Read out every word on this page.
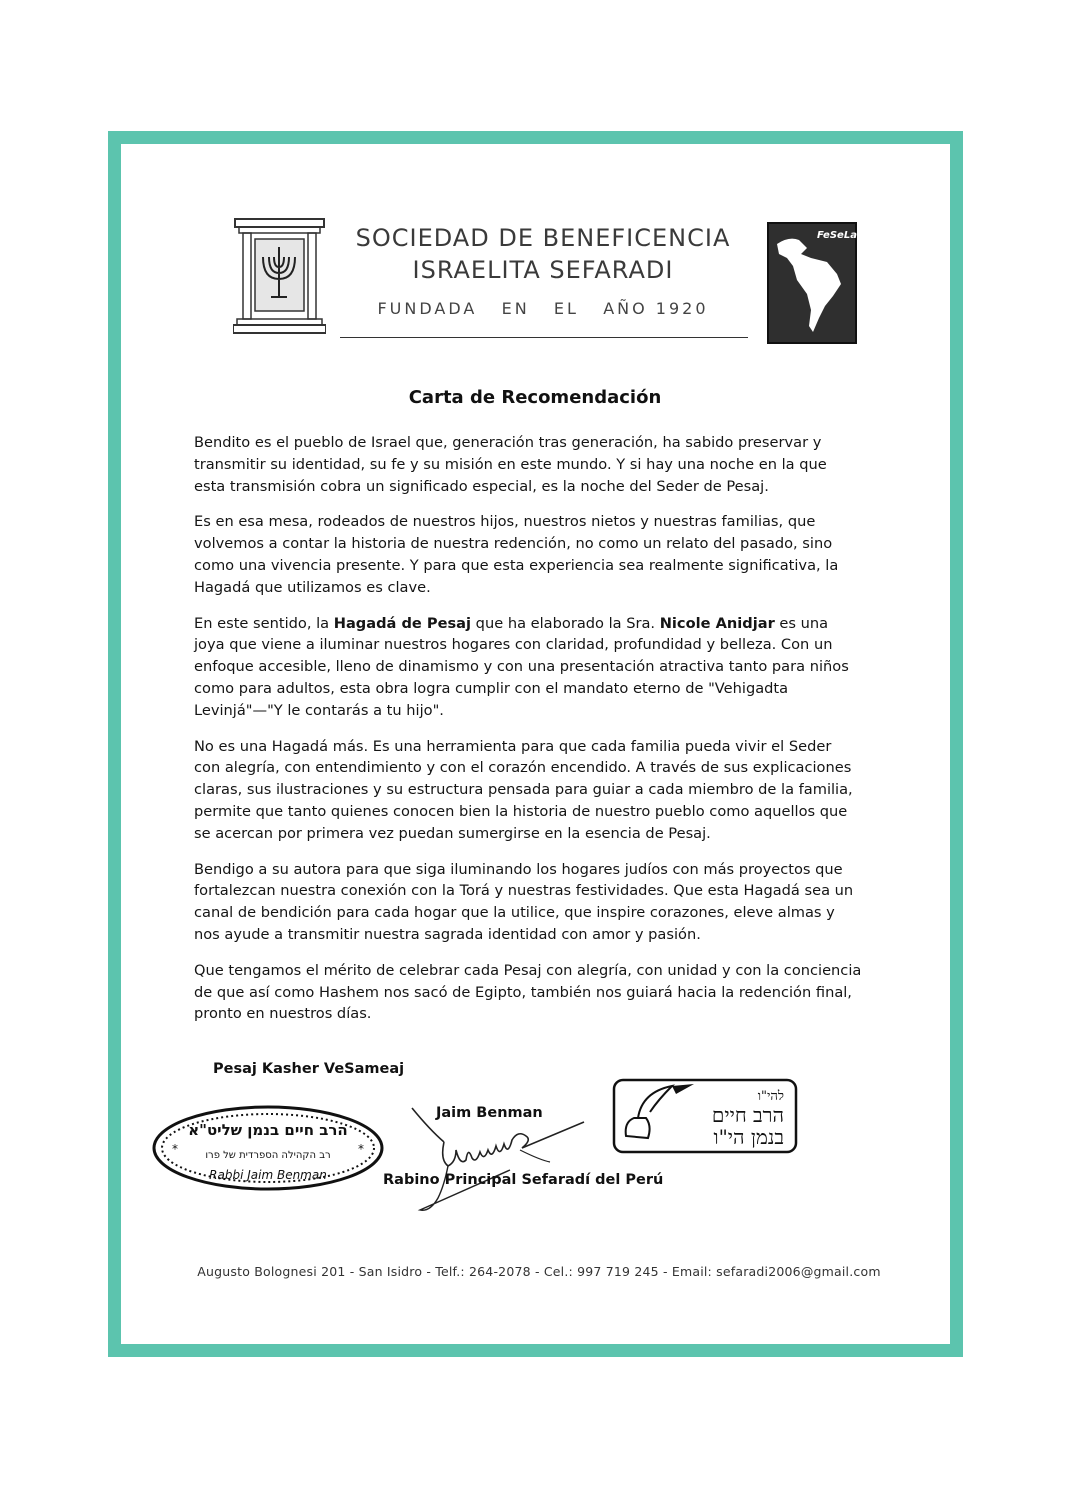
SOCIEDAD DE BENEFICENCIA
ISRAELITA SEFARADI
FUNDADA   EN   EL   AÑO 1920
FeSeLa
Carta de Recomendación

Bendito es el pueblo de Israel que, generación tras generación, ha sabido preservar y transmitir su identidad, su fe y su misión en este mundo. Y si hay una noche en la que esta transmisión cobra un significado especial, es la noche del Seder de Pesaj.

Es en esa mesa, rodeados de nuestros hijos, nuestros nietos y nuestras familias, que volvemos a contar la historia de nuestra redención, no como un relato del pasado, sino como una vivencia presente. Y para que esta experiencia sea realmente significativa, la Hagadá que utilizamos es clave.

En este sentido, la Hagadá de Pesaj que ha elaborado la Sra. Nicole Anidjar es una joya que viene a iluminar nuestros hogares con claridad, profundidad y belleza. Con un enfoque accesible, lleno de dinamismo y con una presentación atractiva tanto para niños como para adultos, esta obra logra cumplir con el mandato eterno de "Vehigadta Levinjá"—"Y le contarás a tu hijo".

No es una Hagadá más. Es una herramienta para que cada familia pueda vivir el Seder con alegría, con entendimiento y con el corazón encendido. A través de sus explicaciones claras, sus ilustraciones y su estructura pensada para guiar a cada miembro de la familia, permite que tanto quienes conocen bien la historia de nuestro pueblo como aquellos que se acercan por primera vez puedan sumergirse en la esencia de Pesaj.

Bendigo a su autora para que siga iluminando los hogares judíos con más proyectos que fortalezcan nuestra conexión con la Torá y nuestras festividades. Que esta Hagadá sea un canal de bendición para cada hogar que la utilice, que inspire corazones, eleve almas y nos ayude a transmitir nuestra sagrada identidad con amor y pasión.

Que tengamos el mérito de celebrar cada Pesaj con alegría, con unidad y con la conciencia de que así como Hashem nos sacó de Egipto, también nos guiará hacia la redención final, pronto en nuestros días.

Pesaj Kasher VeSameaj
הרב חיים בנמן שליט"א
רב הקהילה הספרדית של פרו
Rabbi Jaim Benman
*	*
Jaim Benman
Rabino Principal Sefaradí del Perú
להי"ו
הרב חיים
בנמן הי"ו
Augusto Bolognesi 201 - San Isidro - Telf.: 264-2078 - Cel.: 997 719 245 - Email: sefaradi2006@gmail.com
